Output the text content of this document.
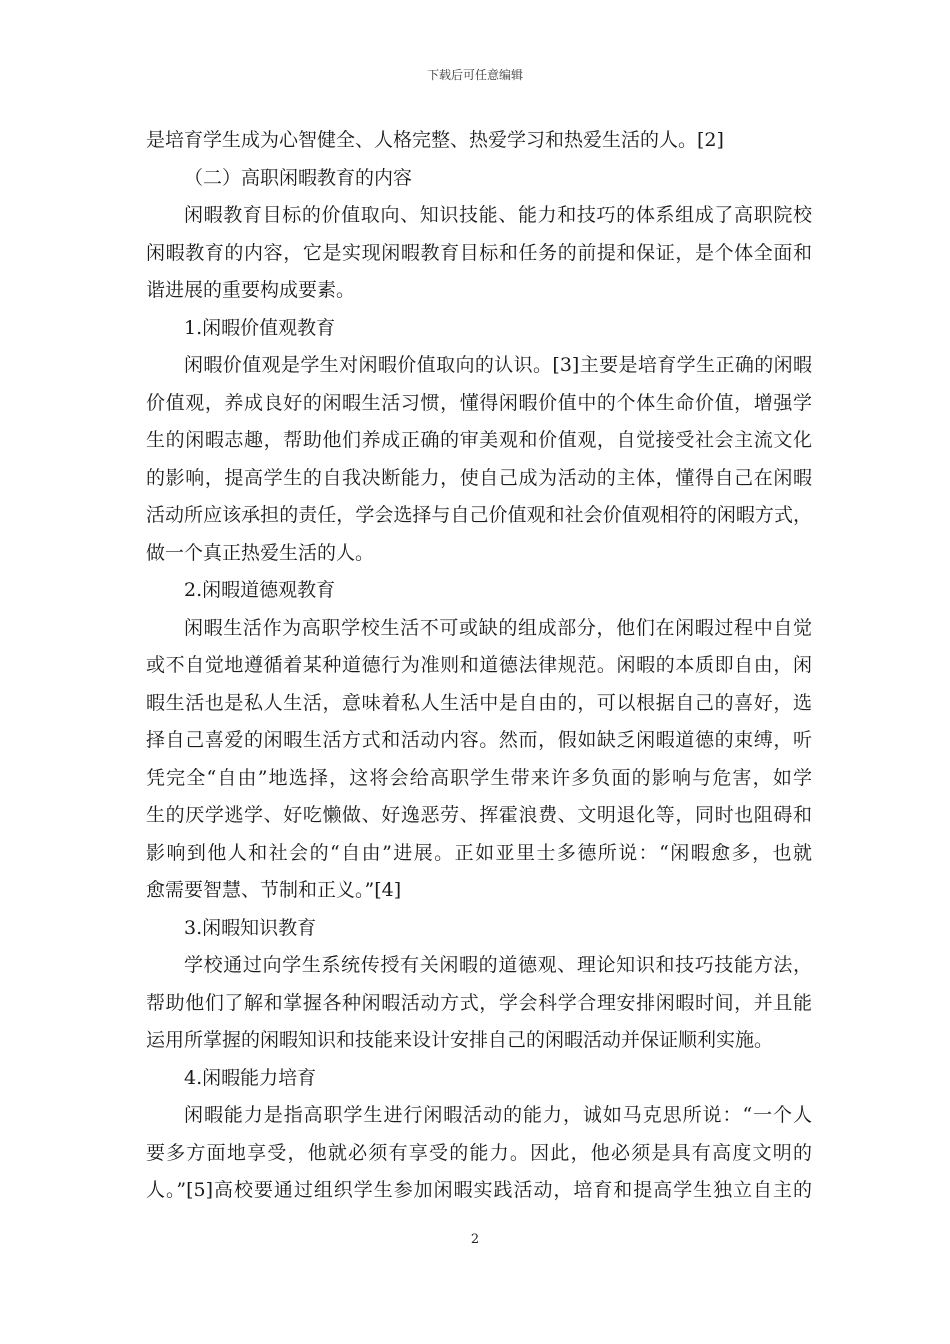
下载后可任意编辑
是培育学生成为心智健全、人格完整、热爱学习和热爱生活的人。[2]
（二）高职闲暇教育的内容
闲暇教育目标的价值取向、知识技能、能力和技巧的体系组成了高职院校
闲暇教育的内容，它是实现闲暇教育目标和任务的前提和保证，是个体全面和
谐进展的重要构成要素。
1.闲暇价值观教育
闲暇价值观是学生对闲暇价值取向的认识。[3]主要是培育学生正确的闲暇
价值观，养成良好的闲暇生活习惯，懂得闲暇价值中的个体生命价值，增强学
生的闲暇志趣，帮助他们养成正确的审美观和价值观，自觉接受社会主流文化
的影响，提高学生的自我决断能力，使自己成为活动的主体，懂得自己在闲暇
活动所应该承担的责任，学会选择与自己价值观和社会价值观相符的闲暇方式，
做一个真正热爱生活的人。
2.闲暇道德观教育
闲暇生活作为高职学校生活不可或缺的组成部分，他们在闲暇过程中自觉
或不自觉地遵循着某种道德行为准则和道德法律规范。闲暇的本质即自由，闲
暇生活也是私人生活，意味着私人生活中是自由的，可以根据自己的喜好，选
择自己喜爱的闲暇生活方式和活动内容。然而，假如缺乏闲暇道德的束缚，听
凭完全“自由”地选择，这将会给高职学生带来许多负面的影响与危害，如学
生的厌学逃学、好吃懒做、好逸恶劳、挥霍浪费、文明退化等，同时也阻碍和
影响到他人和社会的“自由”进展。正如亚里士多德所说：“闲暇愈多，也就
愈需要智慧、节制和正义。”[4]
3.闲暇知识教育
学校通过向学生系统传授有关闲暇的道德观、理论知识和技巧技能方法，
帮助他们了解和掌握各种闲暇活动方式，学会科学合理安排闲暇时间，并且能
运用所掌握的闲暇知识和技能来设计安排自己的闲暇活动并保证顺利实施。
4.闲暇能力培育
闲暇能力是指高职学生进行闲暇活动的能力，诚如马克思所说：“一个人
要多方面地享受，他就必须有享受的能力。因此，他必须是具有高度文明的
人。”[5]高校要通过组织学生参加闲暇实践活动，培育和提高学生独立自主的
2
